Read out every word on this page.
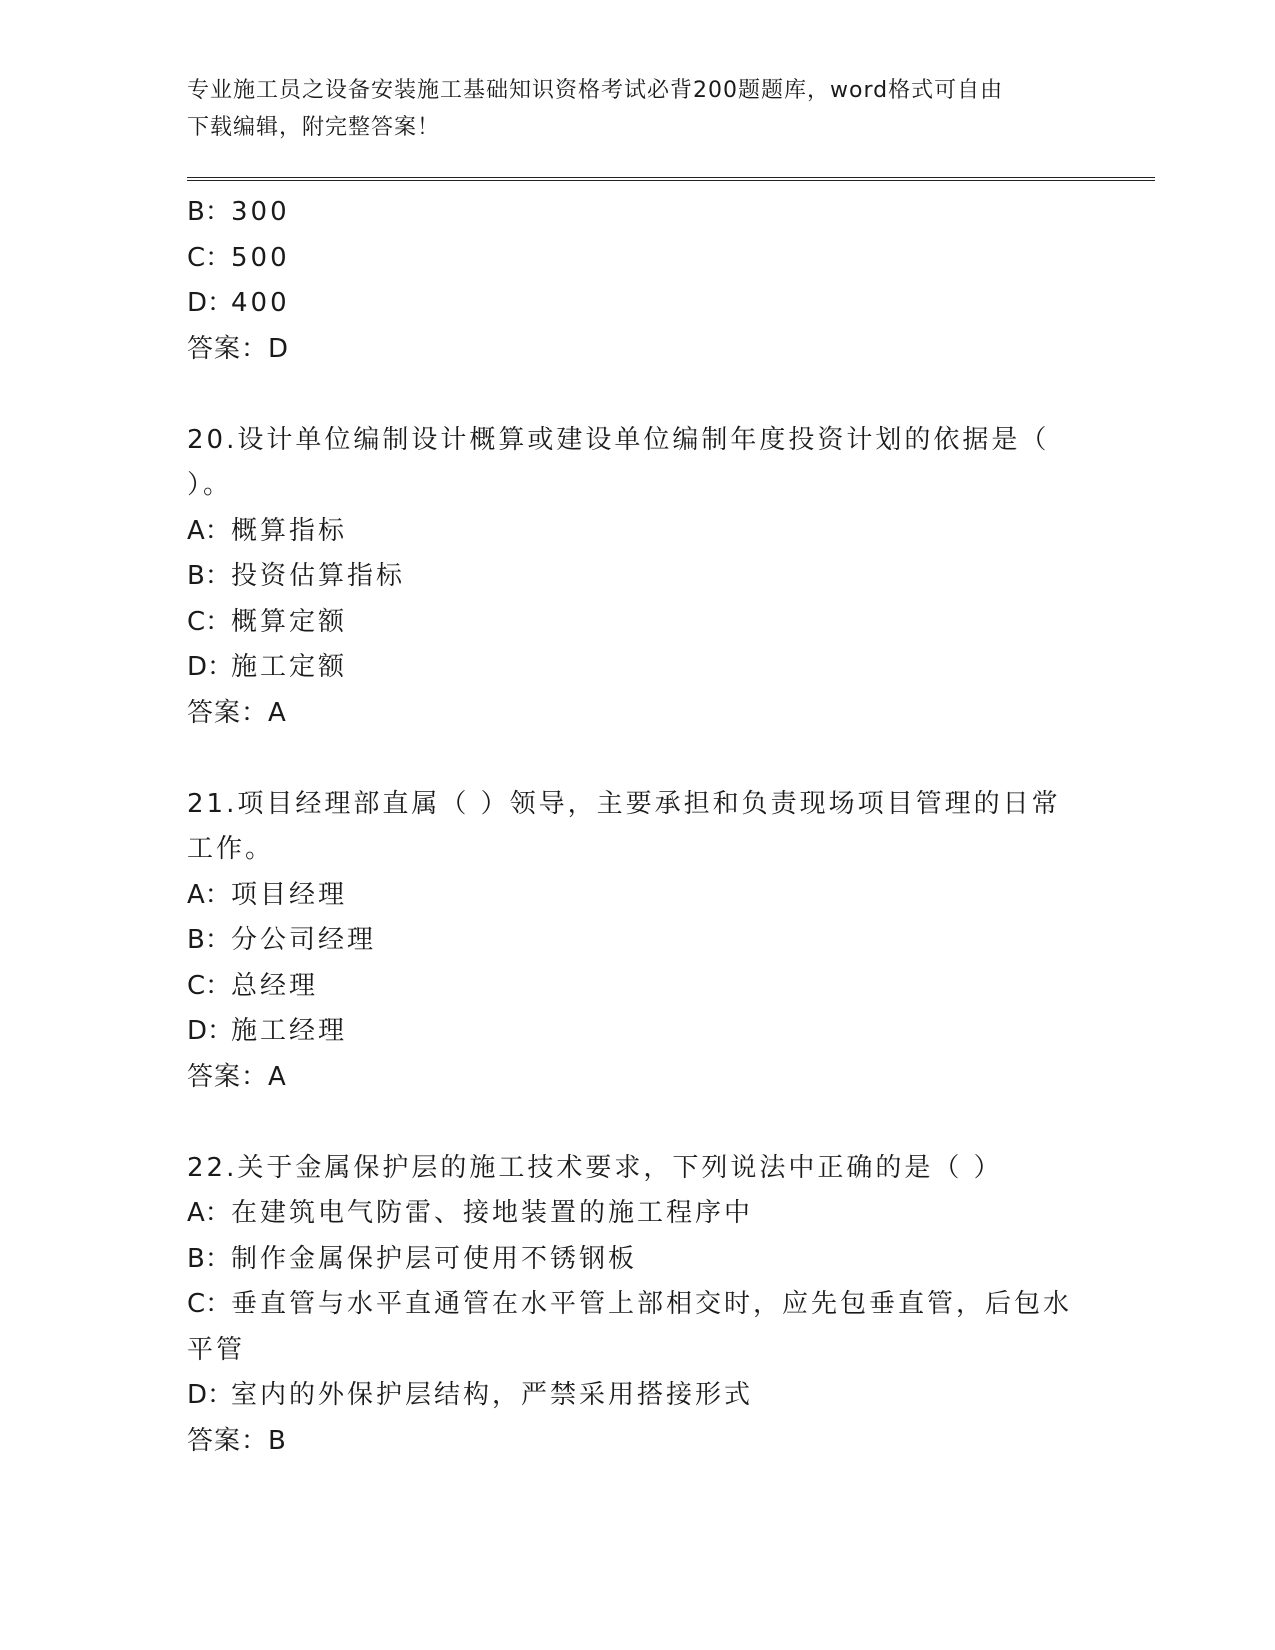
专业施工员之设备安装施工基础知识资格考试必背200题题库，word格式可自由
下载编辑，附完整答案！
B：300
C：500
D：400
答案：D
20.设计单位编制设计概算或建设单位编制年度投资计划的依据是（
）。
A：概算指标
B：投资估算指标
C：概算定额
D：施工定额
答案：A
21.项目经理部直属（ ）领导，主要承担和负责现场项目管理的日常
工作。
A：项目经理
B：分公司经理
C：总经理
D：施工经理
答案：A
22.关于金属保护层的施工技术要求，下列说法中正确的是（ ）
A：在建筑电气防雷、接地装置的施工程序中
B：制作金属保护层可使用不锈钢板
C：垂直管与水平直通管在水平管上部相交时，应先包垂直管，后包水
平管
D：室内的外保护层结构，严禁采用搭接形式
答案：B
